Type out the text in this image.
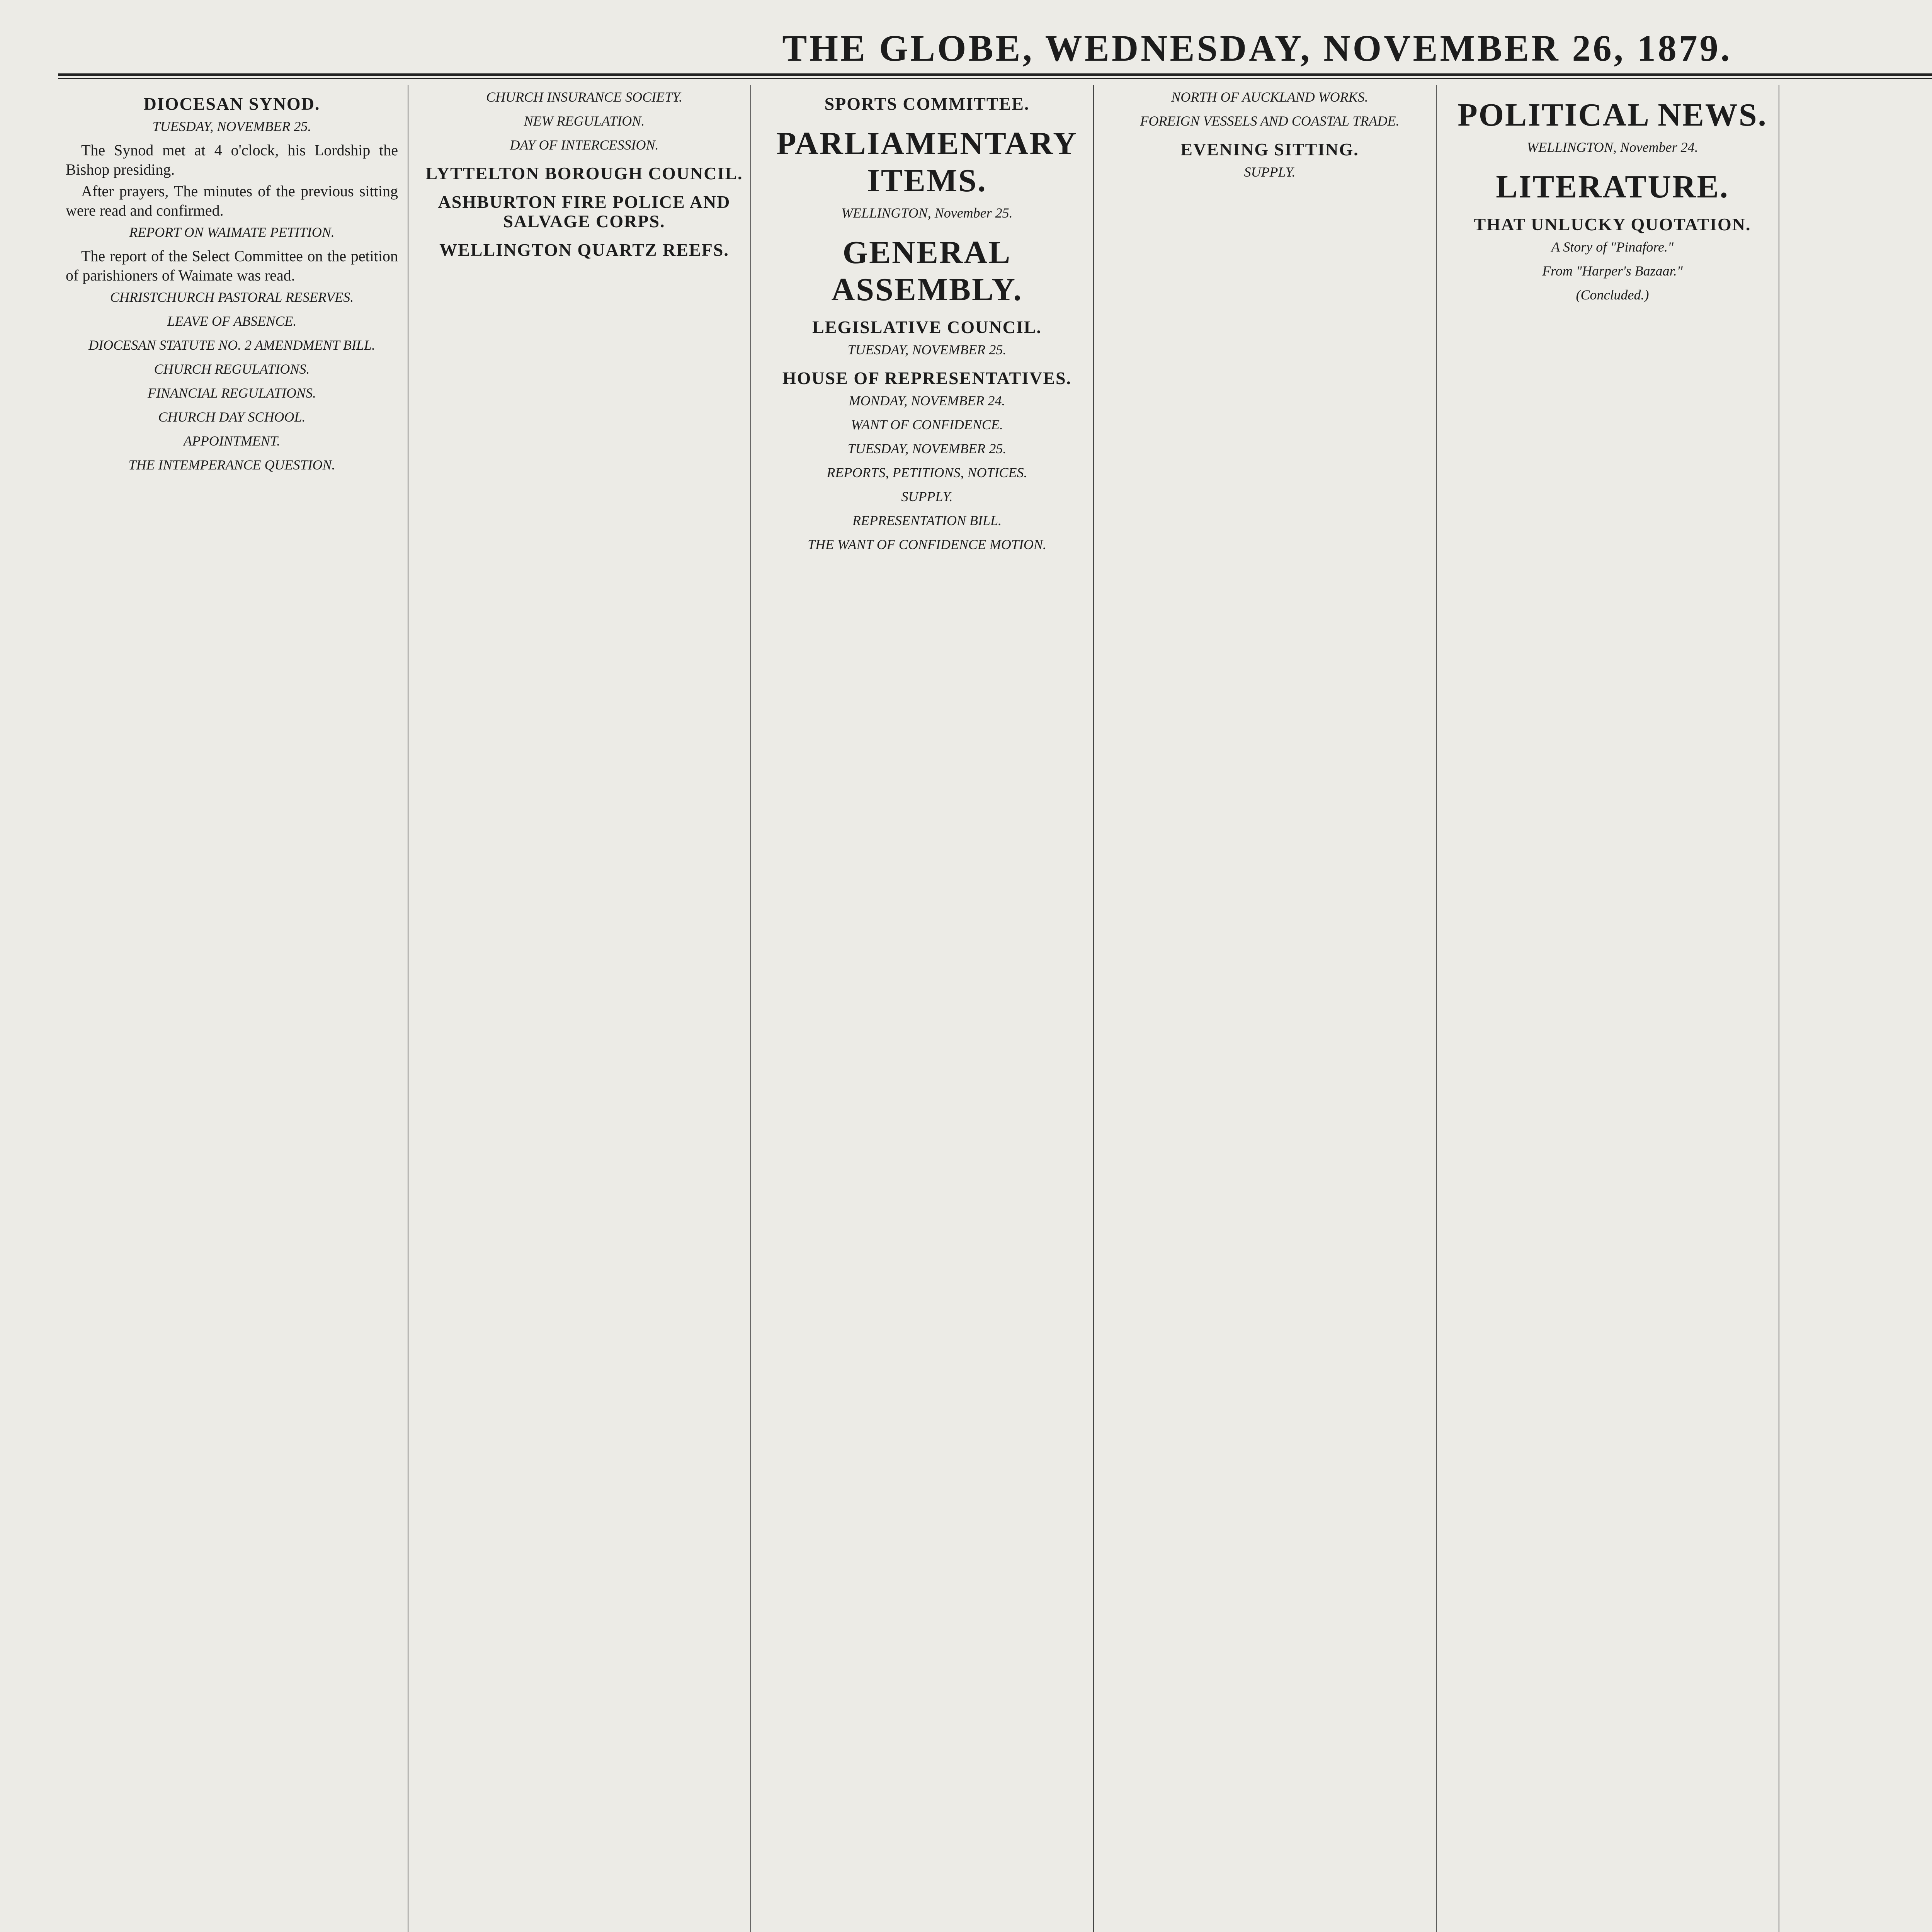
THE GLOBE, WEDNESDAY, NOVEMBER 26, 1879.
DIOCESAN SYNOD.
TUESDAY, NOVEMBER 25.

The Synod met at 4 o'clock, his Lordship the Bishop presiding.

After prayers, The minutes of the previous sitting were read and confirmed.

REPORT ON WAIMATE PETITION.

The report of the Select Committee on the petition of parishioners of Waimate was read.

CHRISTCHURCH PASTORAL RESERVES.
LEAVE OF ABSENCE.
DIOCESAN STATUTE NO. 2 AMENDMENT BILL.
CHURCH REGULATIONS.
FINANCIAL REGULATIONS.
CHURCH DAY SCHOOL.
APPOINTMENT.
THE INTEMPERANCE QUESTION.
CHURCH INSURANCE SOCIETY.
NEW REGULATION.
DAY OF INTERCESSION.
LYTTELTON BOROUGH COUNCIL.
ASHBURTON FIRE POLICE AND SALVAGE CORPS.
WELLINGTON QUARTZ REEFS.
SPORTS COMMITTEE.
PARLIAMENTARY ITEMS.
WELLINGTON, November 25.
GENERAL ASSEMBLY.
LEGISLATIVE COUNCIL.
TUESDAY, NOVEMBER 25.
HOUSE OF REPRESENTATIVES.
MONDAY, NOVEMBER 24.
WANT OF CONFIDENCE.
TUESDAY, NOVEMBER 25.
REPORTS, PETITIONS, NOTICES.
SUPPLY.
REPRESENTATION BILL.
THE WANT OF CONFIDENCE MOTION.
NORTH OF AUCKLAND WORKS.
FOREIGN VESSELS AND COASTAL TRADE.
EVENING SITTING.
SUPPLY.
POLITICAL NEWS.
WELLINGTON, November 24.
LITERATURE.
THAT UNLUCKY QUOTATION.
A Story of "Pinafore."
From "Harper's Bazaar."
(Concluded.)
